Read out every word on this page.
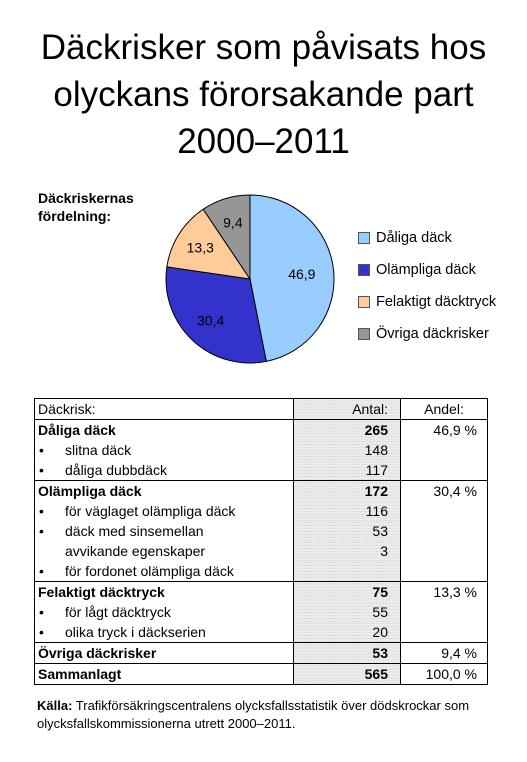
Däckrisker som påvisats hos
olyckans förorsakande part
2000–2011
Däckriskernas
fördelning:
46,9
30,4
13,3
9,4
Dåliga däck
Olämpliga däck
Felaktigt däcktryck
Övriga däckrisker
Däckrisk:	Antal:	Andel:
Dåliga däck	265	46,9 %
• slitna däck	148	
• dåliga dubbdäck	117	
Olämpliga däck	172	30,4 %
• för väglaget olämpliga däck	116	
• däck med sinsemellan	53	
avvikande egenskaper	3	
• för fordonet olämpliga däck		
Felaktigt däcktryck	75	13,3 %
• för lågt däcktryck	55	
• olika tryck i däckserien	20	
Övriga däckrisker	53	9,4 %
Sammanlagt	565	100,0 %
Källa: Trafikförsäkringscentralens olycksfallsstatistik över dödskrockar som olycksfallskommissionerna utrett 2000–2011.
